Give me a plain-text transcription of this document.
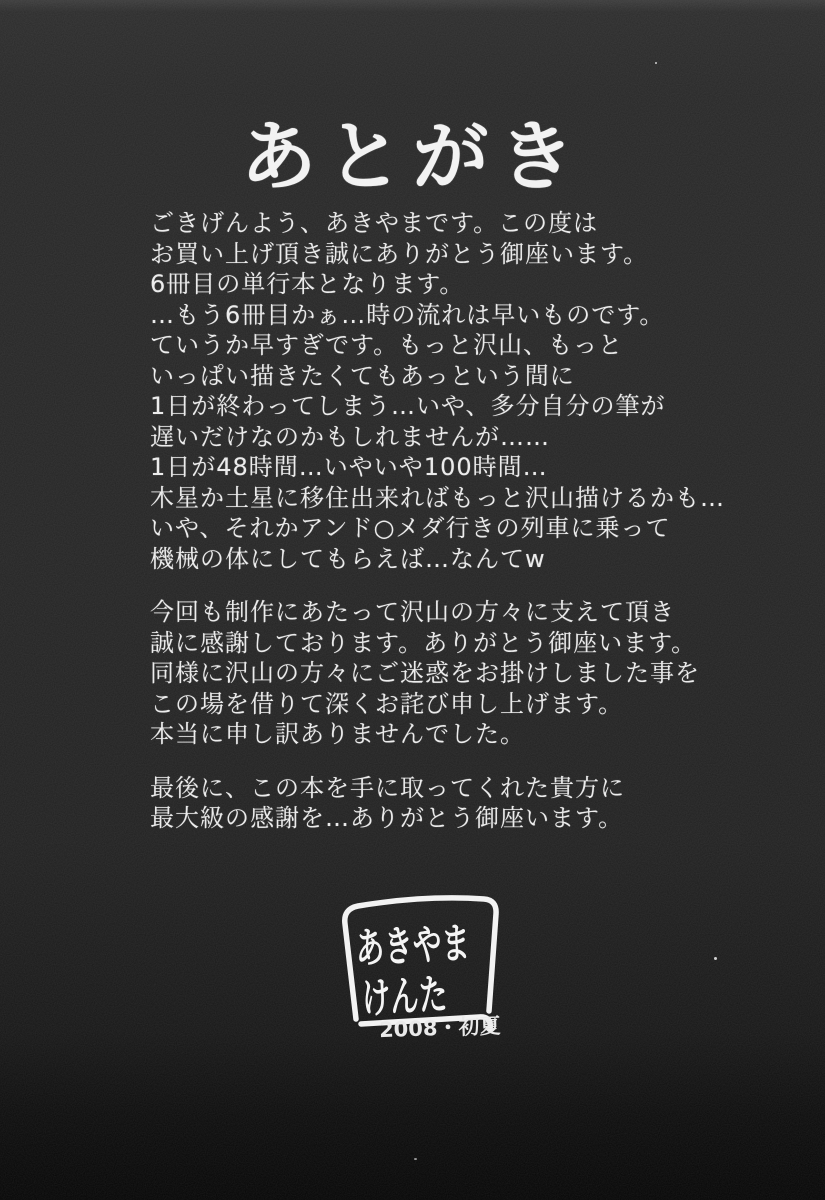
あとがき
ごきげんよう、あきやまです。この度は
お買い上げ頂き誠にありがとう御座います。
6冊目の単行本となります。
…もう6冊目かぁ…時の流れは早いものです。
ていうか早すぎです。もっと沢山、もっと
いっぱい描きたくてもあっという間に
1日が終わってしまう…いや、多分自分の筆が
遅いだけなのかもしれませんが……
1日が48時間…いやいや100時間…
木星か土星に移住出来ればもっと沢山描けるかも…
いや、それかアンド○メダ行きの列車に乗って
機械の体にしてもらえば…なんてw
今回も制作にあたって沢山の方々に支えて頂き
誠に感謝しております。ありがとう御座います。
同様に沢山の方々にご迷惑をお掛けしました事を
この場を借りて深くお詫び申し上げます。
本当に申し訳ありませんでした。
最後に、この本を手に取ってくれた貴方に
最大級の感謝を…ありがとう御座います。
あきやま
けんた
2008・初夏
